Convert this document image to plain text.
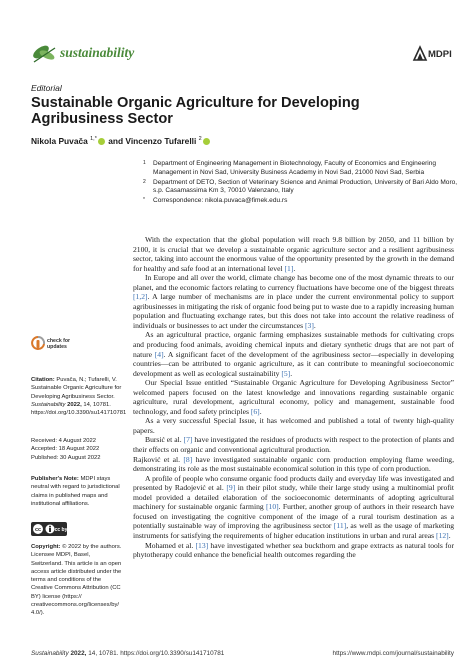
sustainability	MDPI
Editorial
Sustainable Organic Agriculture for Developing Agribusiness Sector
Nikola Puvača $^{1,*}$ and Vincenzo Tufarelli $^2$
1 Department of Engineering Management in Biotechnology, Faculty of Economics and Engineering Management in Novi Sad, University Business Academy in Novi Sad, 21000 Novi Sad, Serbia
2 Department of DETO, Section of Veterinary Science and Animal Production, University of Bari Aldo Moro, s.p. Casamassima Km 3, 70010 Valenzano, Italy
* Correspondence: nikola.puvaca@fimek.edu.rs
check for
updates
Citation: Puvača, N.; Tufarelli, V. Sustainable Organic Agriculture for Developing Agribusiness Sector. Sustainability 2022, 14, 10781. https://doi.org/10.3390/su141710781
Received: 4 August 2022
Accepted: 18 August 2022
Published: 30 August 2022
Publisher's Note: MDPI stays neutral with regard to jurisdictional claims in published maps and institutional affiliations.
cc	cc by
Copyright: © 2022 by the authors. Licensee MDPI, Basel, Switzerland. This article is an open access article distributed under the terms and conditions of the Creative Commons Attribution (CC BY) license (https:// creativecommons.org/licenses/by/ 4.0/).

With the expectation that the global population will reach 9.8 billion by 2050, and 11 billion by 2100, it is crucial that we develop a sustainable organic agriculture sector and a resilient agribusiness sector, taking into account the enormous value of the opportunity presented by the growth in the demand for healthy and safe food at an international level [1].

In Europe and all over the world, climate change has become one of the most dynamic threats to our planet, and the economic factors relating to currency fluctuations have become one of the biggest threats [1,2]. A large number of mechanisms are in place under the current environmental policy to support agribusinesses in mitigating the risk of organic food being put to waste due to a rapidly increasing human population and fluctuating exchange rates, but this does not take into account the relative readiness of individuals or businesses to act under the circumstances [3].

As an agricultural practice, organic farming emphasizes sustainable methods for cultivating crops and producing food animals, avoiding chemical inputs and dietary synthetic drugs that are not part of nature [4]. A significant facet of the development of the agribusiness sector—especially in developing countries—can be attributed to organic agriculture, as it can contribute to meaningful socioeconomic development as well as ecological sustainability [5].

Our Special Issue entitled “Sustainable Organic Agriculture for Developing Agribusiness Sector” welcomed papers focused on the latest knowledge and innovations regarding sustainable organic agriculture, rural development, agricultural economy, policy and management, sustainable food technology, and food safety principles [6].

As a very successful Special Issue, it has welcomed and published a total of twenty high-quality papers.

Bursić et al. [7] have investigated the residues of products with respect to the protection of plants and their effects on organic and conventional agricultural production.

Rajković et al. [8] have investigated sustainable organic corn production employing flame weeding, demonstrating its role as the most sustainable economical solution in this type of corn production.

A profile of people who consume organic food products daily and everyday life was investigated and presented by Radojević et al. [9] in their pilot study, while their large study using a multinomial profit model provided a detailed elaboration of the socioeconomic determinants of adopting agricultural machinery for sustainable organic farming [10]. Further, another group of authors in their research have focused on investigating the cognitive component of the image of a rural tourism destination as a potentially sustainable way of improving the agribusiness sector [11], as well as the usage of marketing instruments for satisfying the requirements of higher education institutions in urban and rural areas [12].

Mohamed et al. [13] have investigated whether sea buckthorn and grape extracts as natural tools for phytotherapy could enhance the beneficial health outcomes regarding the

Sustainability 2022, 14, 10781. https://doi.org/10.3390/su141710781	https://www.mdpi.com/journal/sustainability
